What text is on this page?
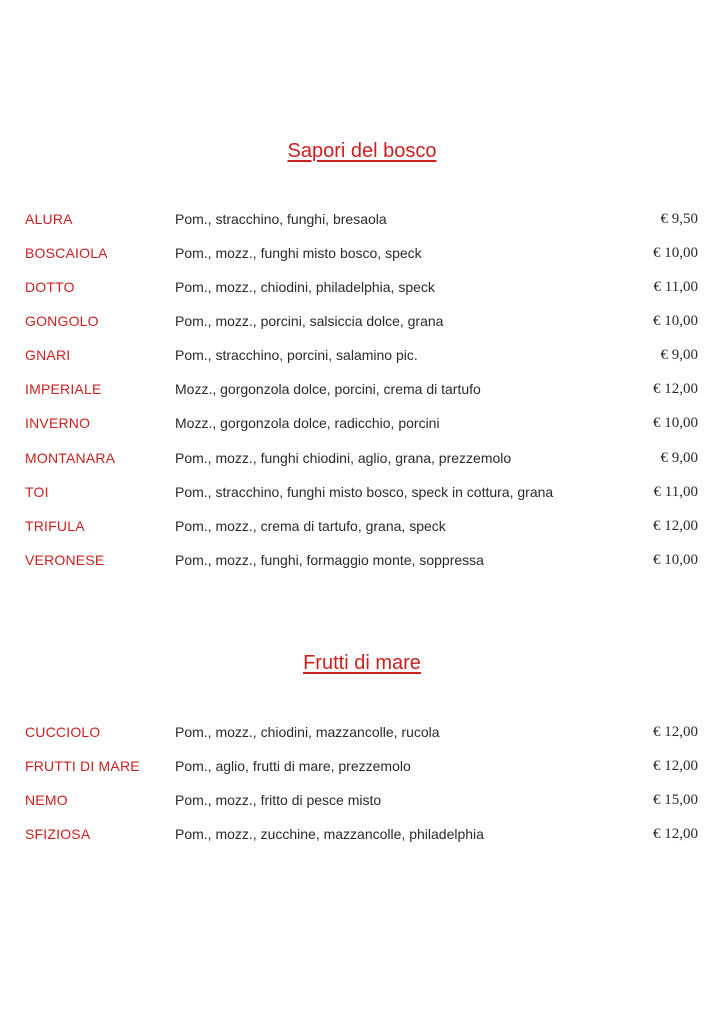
Sapori del bosco
ALURA	Pom., stracchino, funghi, bresaola	€ 9,50
BOSCAIOLA	Pom., mozz., funghi misto bosco, speck	€ 10,00
DOTTO	Pom., mozz., chiodini, philadelphia, speck	€ 11,00
GONGOLO	Pom., mozz., porcini, salsiccia dolce, grana	€ 10,00
GNARI	Pom., stracchino, porcini, salamino pic.	€ 9,00
IMPERIALE	Mozz., gorgonzola dolce, porcini, crema di tartufo	€ 12,00
INVERNO	Mozz., gorgonzola dolce, radicchio, porcini	€ 10,00
MONTANARA	Pom., mozz., funghi chiodini, aglio, grana, prezzemolo	€ 9,00
TOI	Pom., stracchino, funghi misto bosco, speck in cottura, grana	€ 11,00
TRIFULA	Pom., mozz., crema di tartufo, grana, speck	€ 12,00
VERONESE	Pom., mozz., funghi, formaggio monte, soppressa	€ 10,00
Frutti di mare
CUCCIOLO	Pom., mozz., chiodini, mazzancolle, rucola	€ 12,00
FRUTTI DI MARE	Pom., aglio, frutti di mare, prezzemolo	€ 12,00
NEMO	Pom., mozz., fritto di pesce misto	€ 15,00
SFIZIOSA	Pom., mozz., zucchine, mazzancolle, philadelphia	€ 12,00
